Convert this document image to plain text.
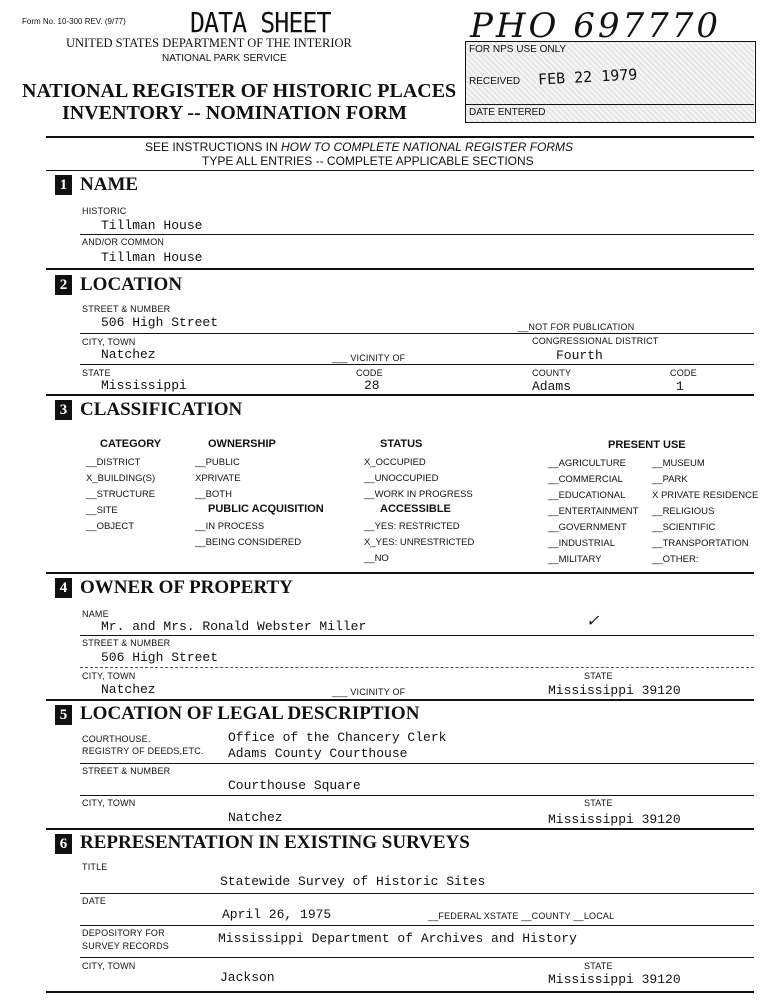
Form No. 10-300 REV. (9/77)	DATA SHEET
UNITED STATES DEPARTMENT OF THE INTERIOR
NATIONAL PARK SERVICE
NATIONAL REGISTER OF HISTORIC PLACES
INVENTORY -- NOMINATION FORM
PHO 697770
FOR NPS USE ONLY
RECEIVED FEB 22 1979
DATE ENTERED
SEE INSTRUCTIONS IN HOW TO COMPLETE NATIONAL REGISTER FORMS
TYPE ALL ENTRIES -- COMPLETE APPLICABLE SECTIONS
1 NAME
HISTORIC
Tillman House
AND/OR COMMON
Tillman House
2 LOCATION
STREET & NUMBER
506 High Street	__NOT FOR PUBLICATION
CITY, TOWN	CONGRESSIONAL DISTRICT
Natchez	___ VICINITY OF	Fourth
STATE	CODE	COUNTY	CODE
Mississippi	28	Adams	1
3 CLASSIFICATION
CATEGORY
__DISTRICT
X_BUILDING(S)
__STRUCTURE
__SITE
__OBJECT
OWNERSHIP
__PUBLIC
XPRIVATE
__BOTH
PUBLIC ACQUISITION
__IN PROCESS
__BEING CONSIDERED
STATUS
X_OCCUPIED
__UNOCCUPIED
__WORK IN PROGRESS
ACCESSIBLE
__YES: RESTRICTED
X_YES: UNRESTRICTED
__NO
PRESENT USE
__AGRICULTURE
__COMMERCIAL
__EDUCATIONAL
__ENTERTAINMENT
__GOVERNMENT
__INDUSTRIAL
__MILITARY
__MUSEUM
__PARK
X PRIVATE RESIDENCE
__RELIGIOUS
__SCIENTIFIC
__TRANSPORTATION
__OTHER:
4 OWNER OF PROPERTY
NAME
Mr. and Mrs. Ronald Webster Miller	✓
STREET & NUMBER
506 High Street
CITY, TOWN	STATE
Natchez	___ VICINITY OF	Mississippi 39120
5 LOCATION OF LEGAL DESCRIPTION
COURTHOUSE.
REGISTRY OF DEEDS,ETC.
Office of the Chancery Clerk
Adams County Courthouse
STREET & NUMBER
Courthouse Square
CITY, TOWN	STATE
Natchez	Mississippi 39120
6 REPRESENTATION IN EXISTING SURVEYS
TITLE
Statewide Survey of Historic Sites
DATE
April 26, 1975	__FEDERAL XSTATE __COUNTY __LOCAL
DEPOSITORY FOR
SURVEY RECORDS	Mississippi Department of Archives and History
CITY, TOWN	STATE
Jackson	Mississippi 39120
